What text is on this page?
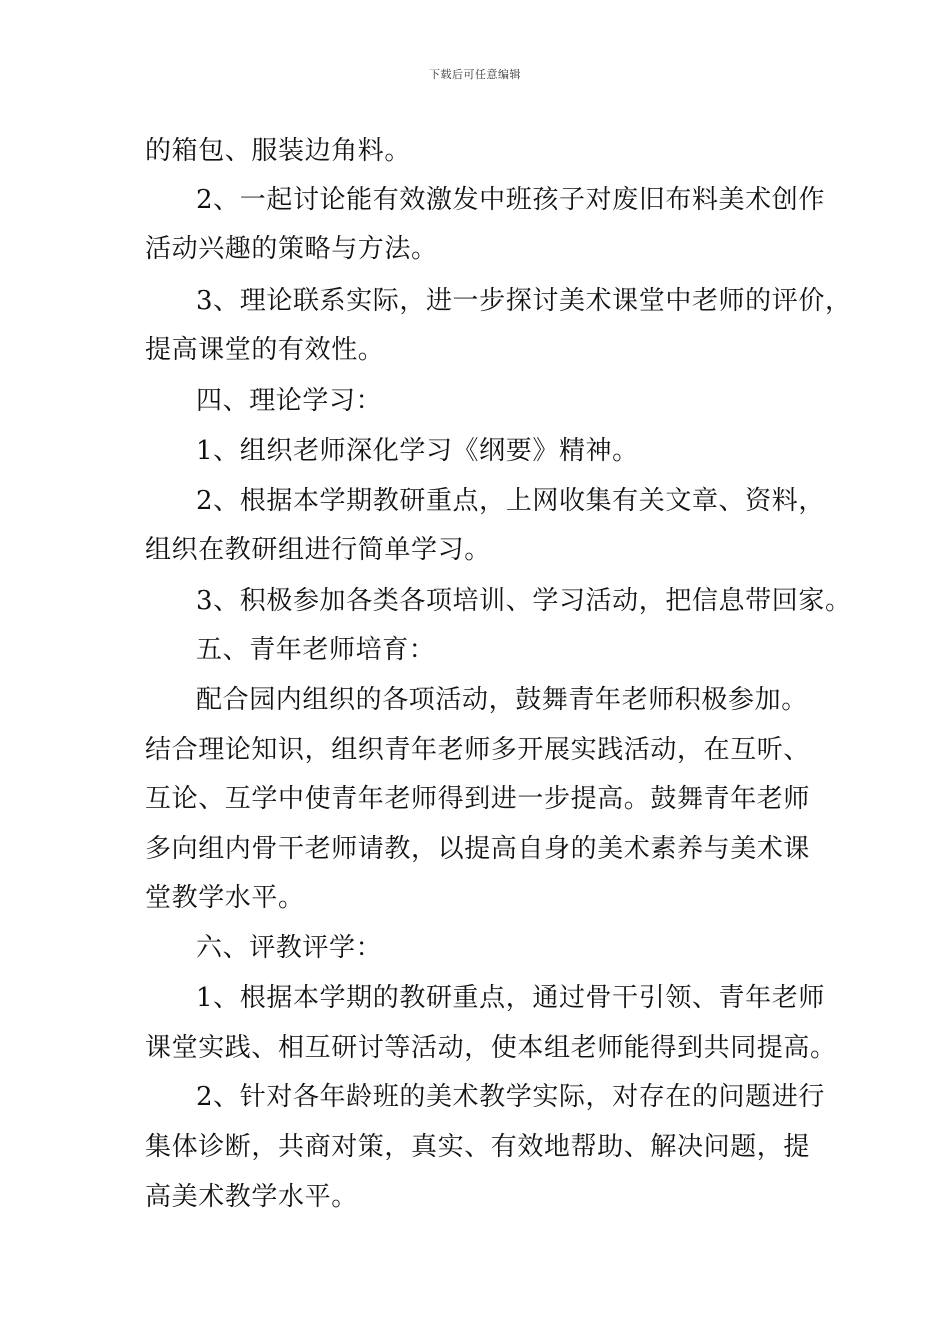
下载后可任意编辑
的箱包、服装边角料。
2、一起讨论能有效激发中班孩子对废旧布料美术创作
活动兴趣的策略与方法。
3、理论联系实际，进一步探讨美术课堂中老师的评价，
提高课堂的有效性。
四、理论学习：
1、组织老师深化学习《纲要》精神。
2、根据本学期教研重点，上网收集有关文章、资料，
组织在教研组进行简单学习。
3、积极参加各类各项培训、学习活动，把信息带回家。
五、青年老师培育：
配合园内组织的各项活动，鼓舞青年老师积极参加。
结合理论知识，组织青年老师多开展实践活动，在互听、
互论、互学中使青年老师得到进一步提高。鼓舞青年老师
多向组内骨干老师请教，以提高自身的美术素养与美术课
堂教学水平。
六、评教评学：
1、根据本学期的教研重点，通过骨干引领、青年老师
课堂实践、相互研讨等活动，使本组老师能得到共同提高。
2、针对各年龄班的美术教学实际，对存在的问题进行
集体诊断，共商对策，真实、有效地帮助、解决问题，提
高美术教学水平。
